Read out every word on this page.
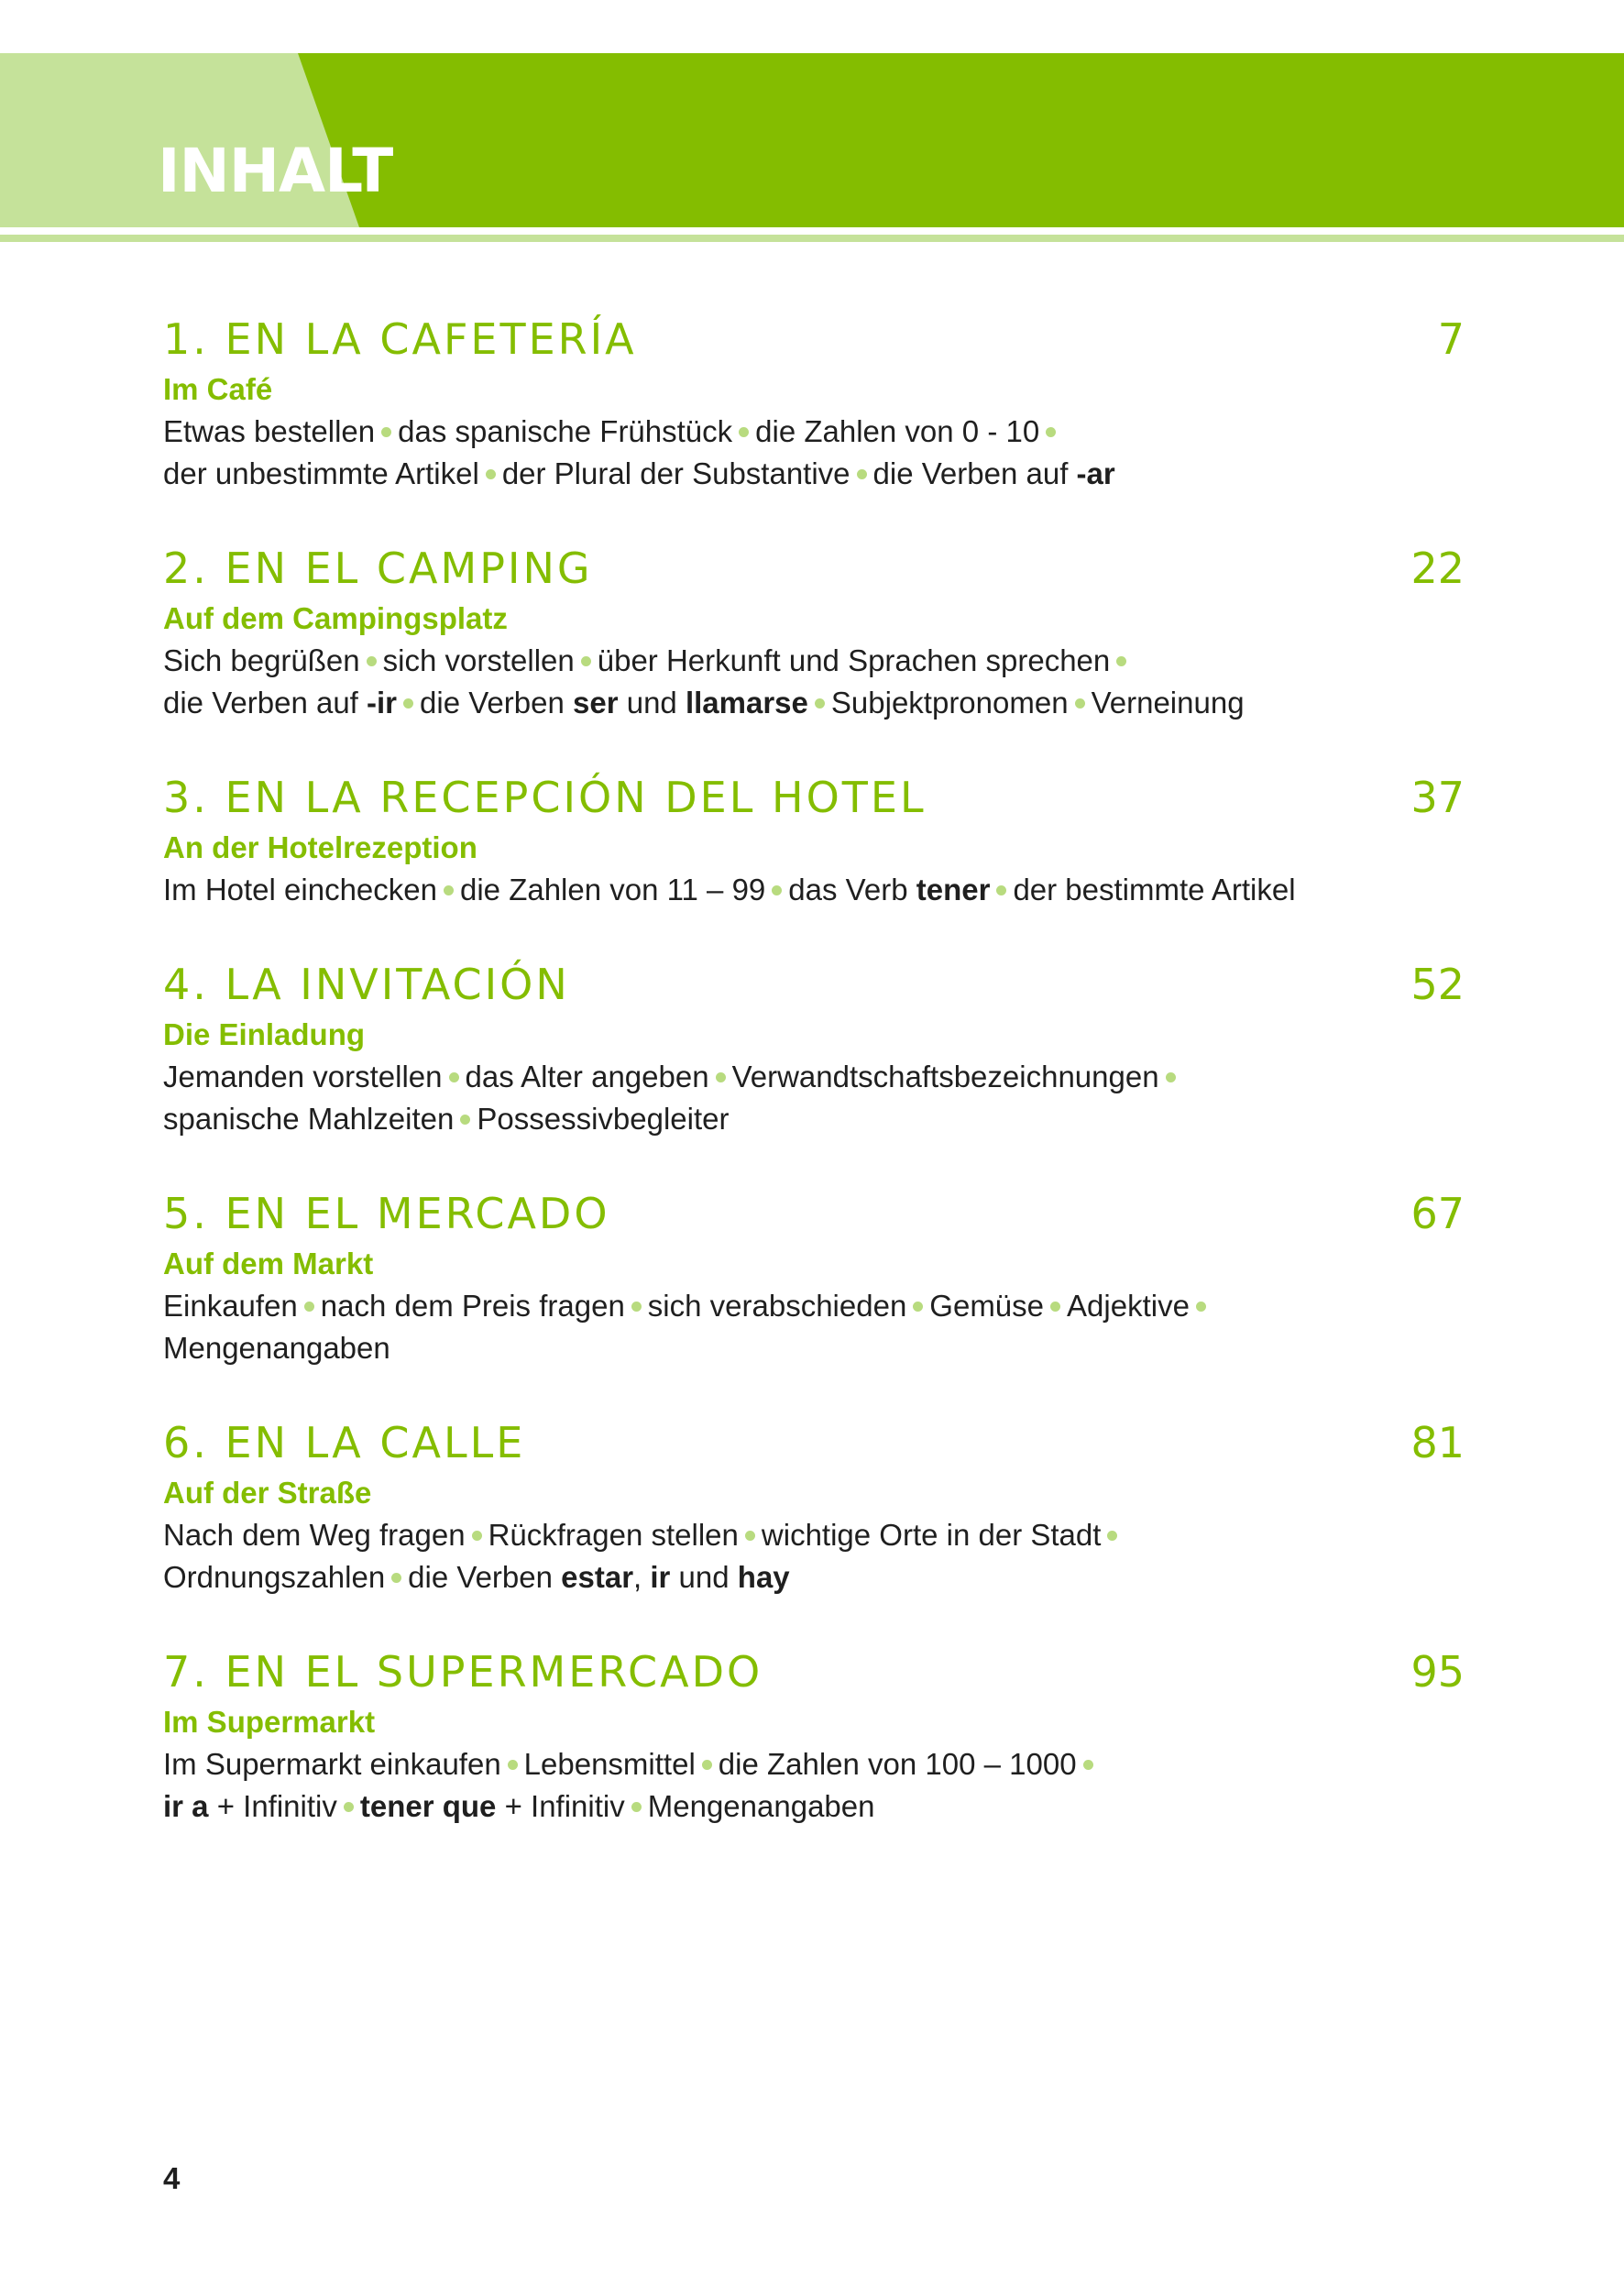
INHALT
1. EN LA CAFETERÍA	7
Im Café
Etwas bestellen das spanische Frühstück die Zahlen von 0 - 10
der unbestimmte Artikel der Plural der Substantive die Verben auf -ar
2. EN EL CAMPING	22
Auf dem Campingsplatz
Sich begrüßen sich vorstellen über Herkunft und Sprachen sprechen
die Verben auf -ir die Verben ser und llamarse Subjektpronomen Verneinung
3. EN LA RECEPCIÓN DEL HOTEL	37
An der Hotelrezeption
Im Hotel einchecken die Zahlen von 11 – 99 das Verb tener der bestimmte Artikel
4. LA INVITACIÓN	52
Die Einladung
Jemanden vorstellen das Alter angeben Verwandtschaftsbezeichnungen
spanische Mahlzeiten Possessivbegleiter
5. EN EL MERCADO	67
Auf dem Markt
Einkaufen nach dem Preis fragen sich verabschieden Gemüse Adjektive
Mengenangaben
6. EN LA CALLE	81
Auf der Straße
Nach dem Weg fragen Rückfragen stellen wichtige Orte in der Stadt
Ordnungszahlen die Verben estar, ir und hay
7. EN EL SUPERMERCADO	95
Im Supermarkt
Im Supermarkt einkaufen Lebensmittel die Zahlen von 100 – 1000
ir a + Infinitiv tener que + Infinitiv Mengenangaben
4
